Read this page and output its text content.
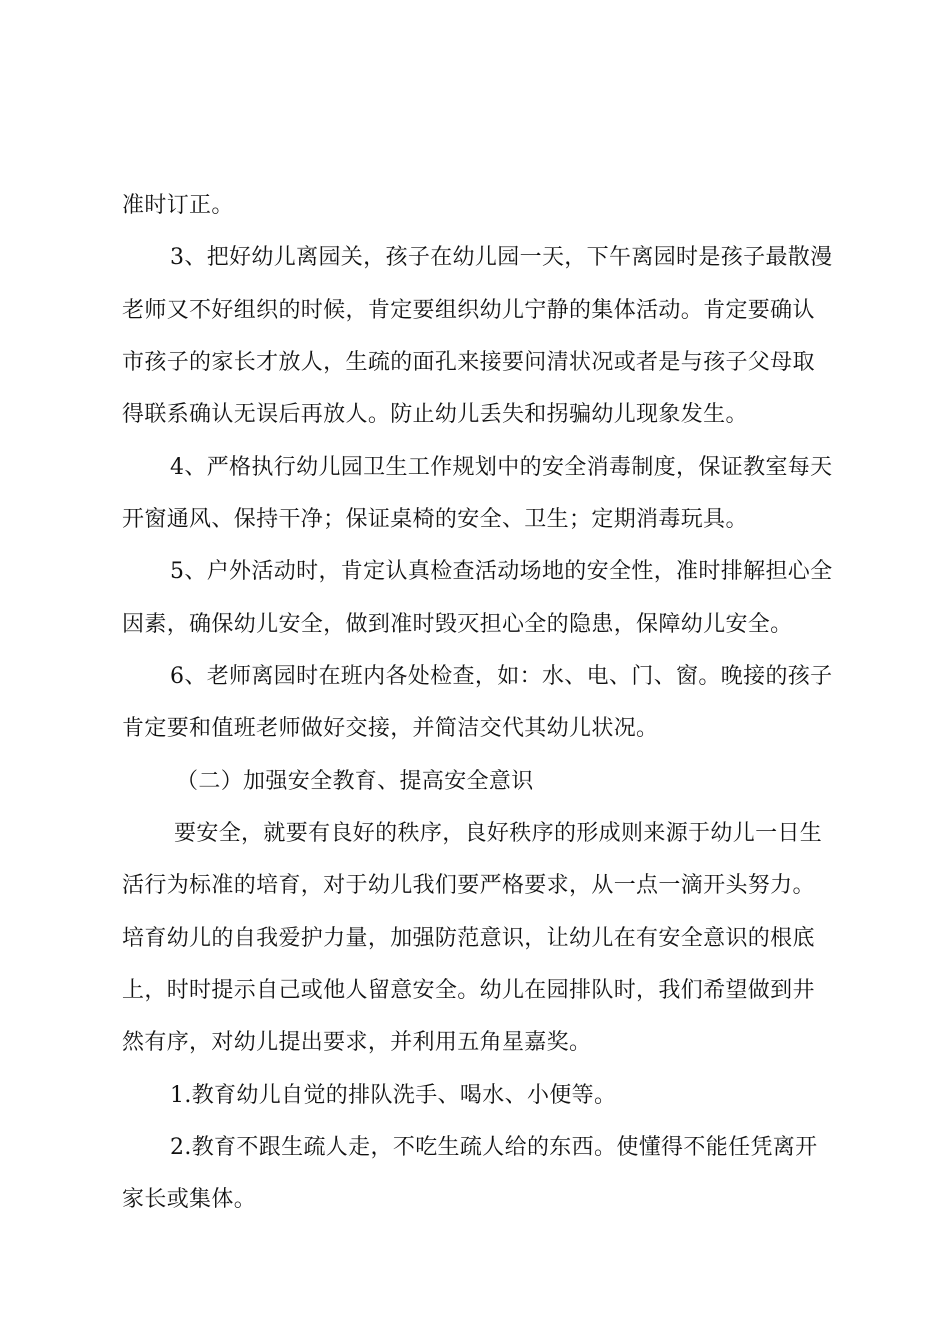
准时订正。
3、把好幼儿离园关，孩子在幼儿园一天，下午离园时是孩子最散漫
老师又不好组织的时候，肯定要组织幼儿宁静的集体活动。肯定要确认
市孩子的家长才放人，生疏的面孔来接要问清状况或者是与孩子父母取
得联系确认无误后再放人。防止幼儿丢失和拐骗幼儿现象发生。
4、严格执行幼儿园卫生工作规划中的安全消毒制度，保证教室每天
开窗通风、保持干净；保证桌椅的安全、卫生；定期消毒玩具。
5、户外活动时，肯定认真检查活动场地的安全性，准时排解担心全
因素，确保幼儿安全，做到准时毁灭担心全的隐患，保障幼儿安全。
6、老师离园时在班内各处检查，如：水、电、门、窗。晚接的孩子
肯定要和值班老师做好交接，并简洁交代其幼儿状况。
（二）加强安全教育、提高安全意识
要安全，就要有良好的秩序，良好秩序的形成则来源于幼儿一日生
活行为标准的培育，对于幼儿我们要严格要求，从一点一滴开头努力。
培育幼儿的自我爱护力量，加强防范意识，让幼儿在有安全意识的根底
上，时时提示自己或他人留意安全。幼儿在园排队时，我们希望做到井
然有序，对幼儿提出要求，并利用五角星嘉奖。
1.教育幼儿自觉的排队洗手、喝水、小便等。
2.教育不跟生疏人走，不吃生疏人给的东西。使懂得不能任凭离开
家长或集体。
